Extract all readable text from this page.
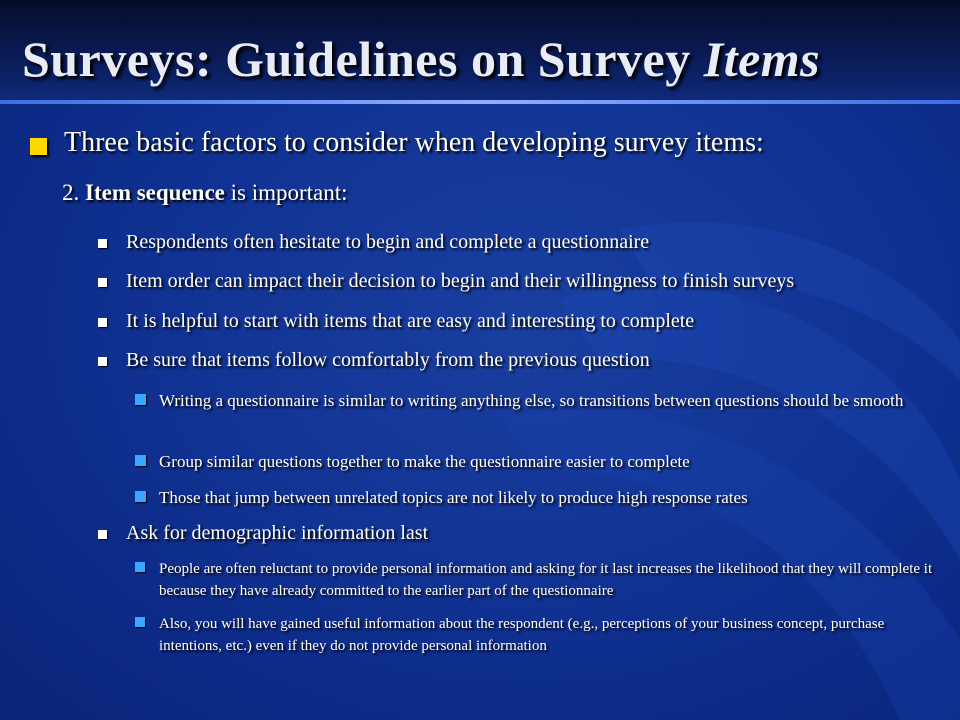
Surveys: Guidelines on Survey Items
Three basic factors to consider when developing survey items:
2. Item sequence is important:
Respondents often hesitate to begin and complete a questionnaire
Item order can impact their decision to begin and their willingness to finish surveys
It is helpful to start with items that are easy and interesting to complete
Be sure that items follow comfortably from the previous question
Writing a questionnaire is similar to writing anything else, so transitions between questions should be smooth
Group similar questions together to make the questionnaire easier to complete
Those that jump between unrelated topics are not likely to produce high response rates
Ask for demographic information last
People are often reluctant to provide personal information and asking for it last increases the likelihood that they will complete it because they have already committed to the earlier part of the questionnaire
Also, you will have gained useful information about the respondent (e.g., perceptions of your business concept, purchase intentions, etc.) even if they do not provide personal information
